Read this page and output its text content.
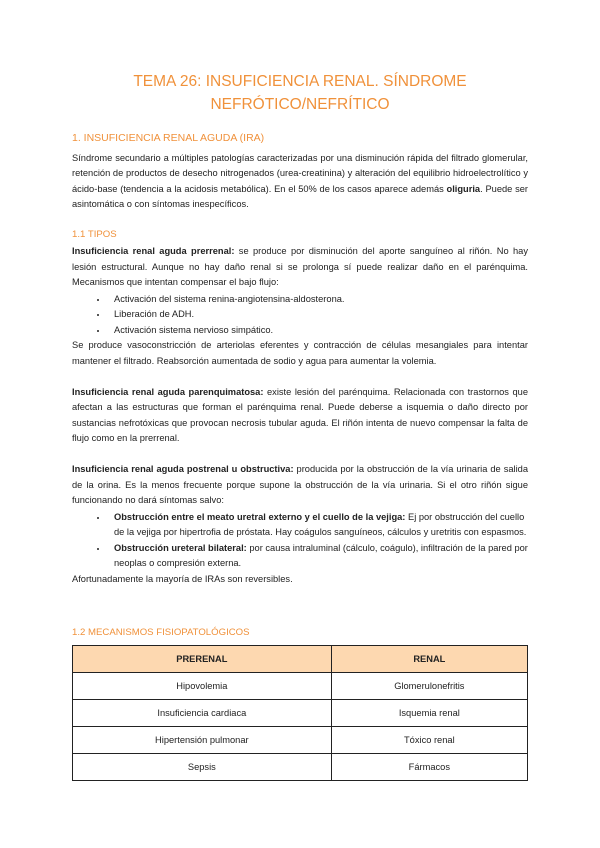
TEMA 26: INSUFICIENCIA RENAL. SÍNDROME
NEFRÓTICO/NEFRÍTICO
1. INSUFICIENCIA RENAL AGUDA (IRA)

Síndrome secundario a múltiples patologías caracterizadas por una disminución rápida del filtrado glomerular, retención de productos de desecho nitrogenados (urea-creatinina) y alteración del equilibrio hidroelectrolítico y ácido-base (tendencia a la acidosis metabólica). En el 50% de los casos aparece además oliguria. Puede ser asintomática o con síntomas inespecíficos.

1.1 TIPOS

Insuficiencia renal aguda prerrenal: se produce por disminución del aporte sanguíneo al riñón. No hay lesión estructural. Aunque no hay daño renal si se prolonga sí puede realizar daño en el parénquima. Mecanismos que intentan compensar el bajo flujo:

• Activación del sistema renina-angiotensina-aldosterona.
• Liberación de ADH.
• Activación sistema nervioso simpático.

Se produce vasoconstricción de arteriolas eferentes y contracción de células mesangiales para intentar mantener el filtrado. Reabsorción aumentada de sodio y agua para aumentar la volemia.

Insuficiencia renal aguda parenquimatosa: existe lesión del parénquima. Relacionada con trastornos que afectan a las estructuras que forman el parénquima renal. Puede deberse a isquemia o daño directo por sustancias nefrotóxicas que provocan necrosis tubular aguda. El riñón intenta de nuevo compensar la falta de flujo como en la prerrenal.

Insuficiencia renal aguda postrenal u obstructiva: producida por la obstrucción de la vía urinaria de salida de la orina. Es la menos frecuente porque supone la obstrucción de la vía urinaria. Si el otro riñón sigue funcionando no dará síntomas salvo:

• Obstrucción entre el meato uretral externo y el cuello de la vejiga: Ej por obstrucción del cuello de la vejiga por hipertrofia de próstata. Hay coágulos sanguíneos, cálculos y uretritis con espasmos.
• Obstrucción ureteral bilateral: por causa intraluminal (cálculo, coágulo), infiltración de la pared por neoplas o compresión externa.

Afortunadamente la mayoría de IRAs son reversibles.

1.2 MECANISMOS FISIOPATOLÓGICOS
PRERENAL	RENAL
Hipovolemia	Glomerulonefritis
Insuficiencia cardiaca	Isquemia renal
Hipertensión pulmonar	Tóxico renal
Sepsis	Fármacos
